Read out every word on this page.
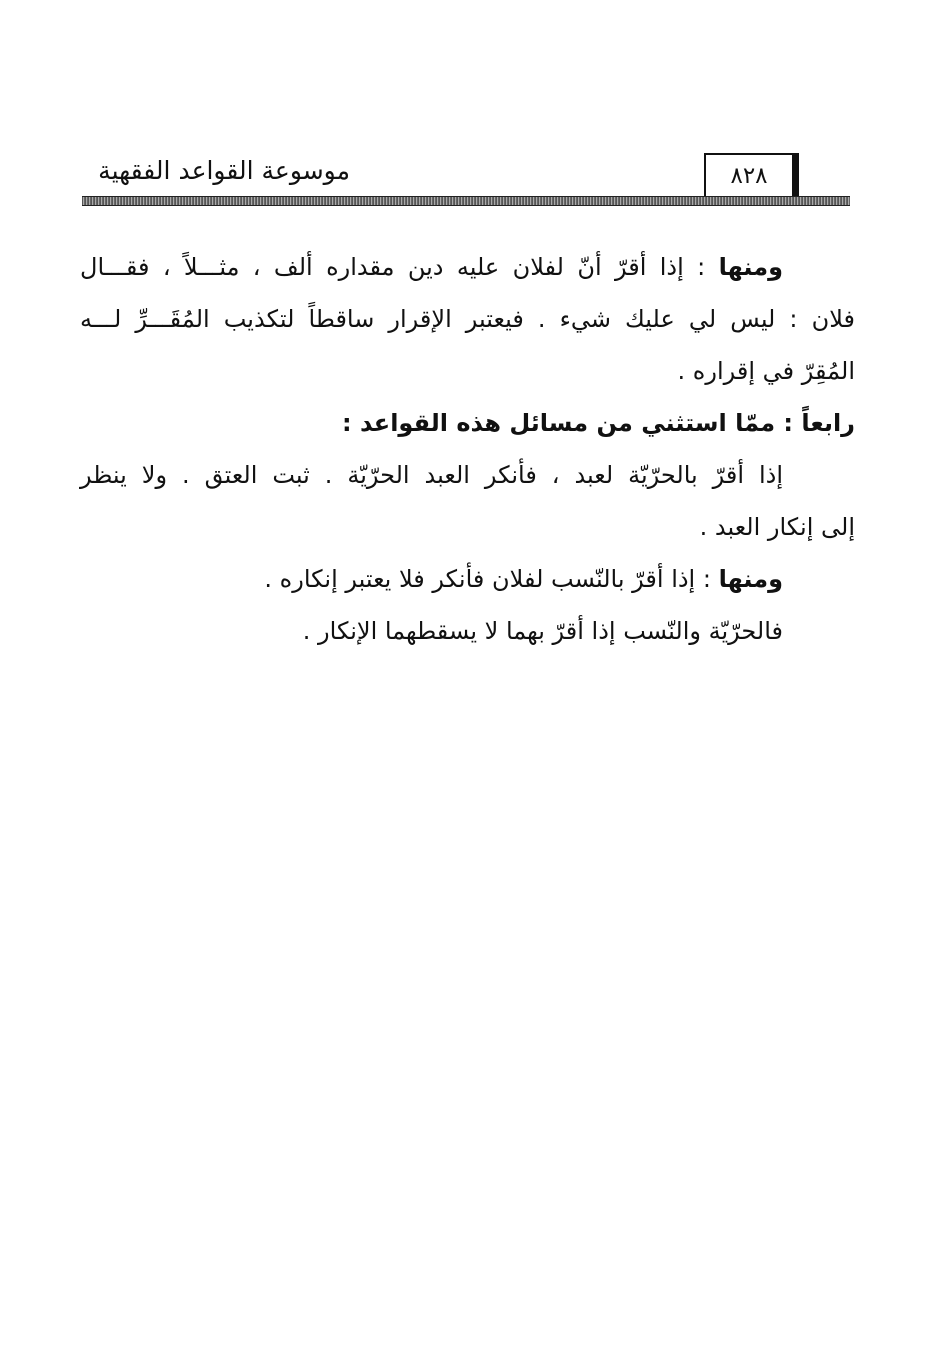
موسوعة القواعد الفقهية	٨٢٨
ومنها : إذا أقرّ أنّ لفلان عليه دين مقداره ألف ، مثـــلاً ، فقـــال
فلان : ليس لي عليك شيء . فيعتبر الإقرار ساقطاً لتكذيب المُقَـــرِّ لـــه
المُقِرّ في إقراره .
رابعاً : ممّا استثني من مسائل هذه القواعد :
إذا أقرّ بالحرّيّة لعبد ، فأنكر العبد الحرّيّة . ثبت العتق . ولا ينظر
إلى إنكار العبد .
ومنها : إذا أقرّ بالنّسب لفلان فأنكر فلا يعتبر إنكاره .
فالحرّيّة والنّسب إذا أقرّ بهما لا يسقطهما الإنكار .
